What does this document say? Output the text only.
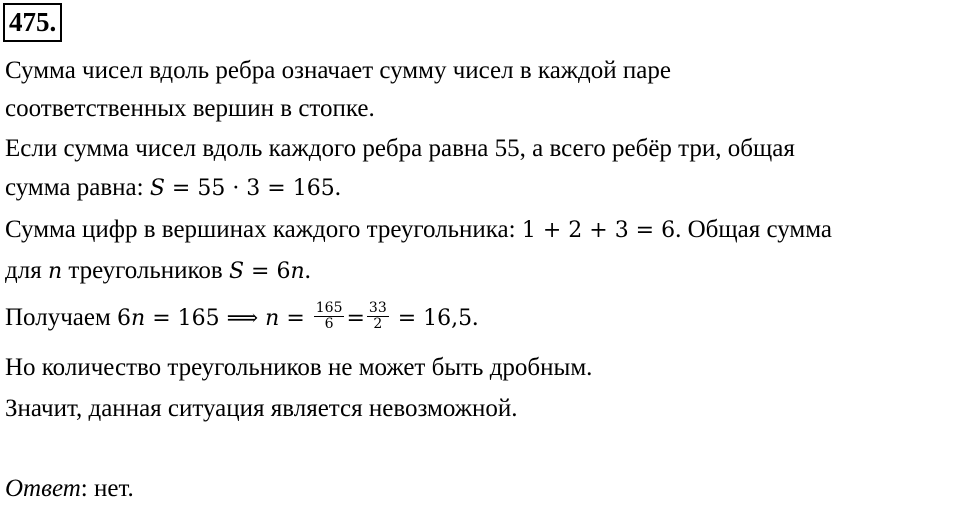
475.
Сумма чисел вдоль ребра означает сумму чисел в каждой паре
соответственных вершин в стопке.
Если сумма чисел вдоль каждого ребра равна 55, а всего ребёр три, общая
сумма равна: S = 55 · 3 = 165.
Сумма цифр в вершинах каждого треугольника: 1 + 2 + 3 = 6. Общая сумма
для n треугольников S = 6n.
Получаем 6n = 165 ⟹ $n = \frac{165}{6} = \frac{33}{2} = 16,5$.
Но количество треугольников не может быть дробным.
Значит, данная ситуация является невозможной.
Ответ: нет.
